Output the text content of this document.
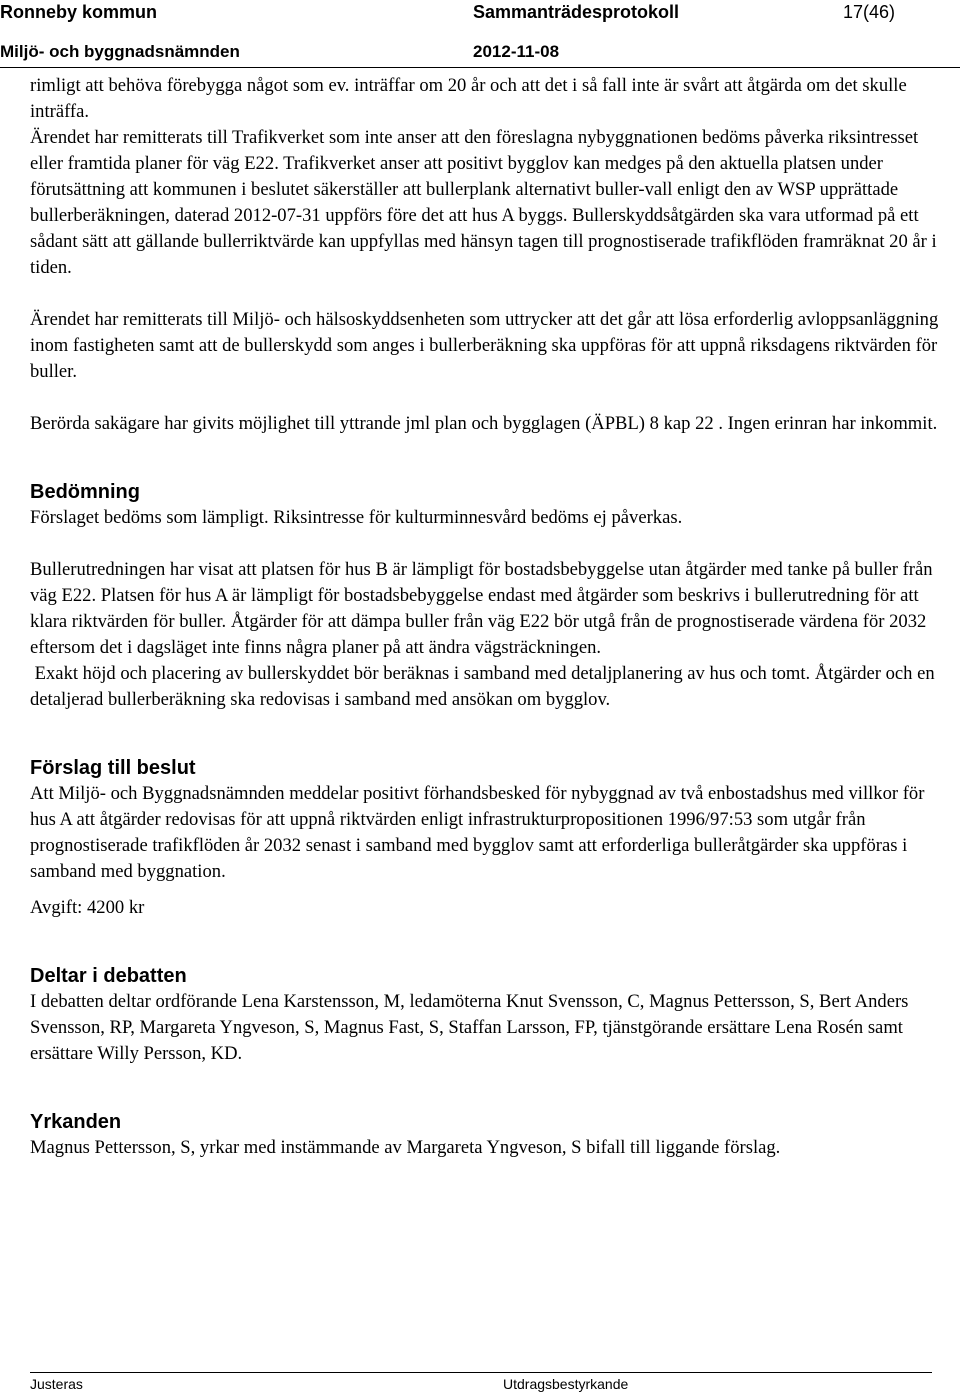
Ronneby kommun	Sammanträdesprotokoll	17(46)
Miljö- och byggnadsnämnden	2012-11-08

rimligt att behöva förebygga något som ev. inträffar om 20 år och att det i så fall inte är svårt att åtgärda om det skulle inträffa.

Ärendet har remitterats till Trafikverket som inte anser att den föreslagna nybyggnationen bedöms påverka riksintresset eller framtida planer för väg E22. Trafikverket anser att positivt bygglov kan medges på den aktuella platsen under förutsättning att kommunen i beslutet säkerställer att bullerplank alternativt buller-vall enligt den av WSP upprättade bullerberäkningen, daterad 2012-07-31 uppförs före det att hus A byggs. Bullerskyddsåtgärden ska vara utformad på ett sådant sätt att gällande bullerriktvärde kan uppfyllas med hänsyn tagen till prognostiserade trafikflöden framräknat 20 år i tiden.

Ärendet har remitterats till Miljö- och hälsoskyddsenheten som uttrycker att det går att lösa erforderlig avloppsanläggning inom fastigheten samt att de bullerskydd som anges i bullerberäkning ska uppföras för att uppnå riksdagens riktvärden för buller.

Berörda sakägare har givits möjlighet till yttrande jml plan och bygglagen (ÄPBL) 8 kap 22 . Ingen erinran har inkommit.

Bedömning

Förslaget bedöms som lämpligt. Riksintresse för kulturminnesvård bedöms ej påverkas.

Bullerutredningen har visat att platsen för hus B är lämpligt för bostadsbebyggelse utan åtgärder med tanke på buller från väg E22. Platsen för hus A är lämpligt för bostadsbebyggelse endast med åtgärder som beskrivs i bullerutredning för att klara riktvärden för buller. Åtgärder för att dämpa buller från väg E22 bör utgå från de prognostiserade värdena för 2032 eftersom det i dagsläget inte finns några planer på att ändra vägsträckningen.

Exakt höjd och placering av bullerskyddet bör beräknas i samband med detaljplanering av hus och tomt. Åtgärder och en detaljerad bullerberäkning ska redovisas i samband med ansökan om bygglov.

Förslag till beslut

Att Miljö- och Byggnadsnämnden meddelar positivt förhandsbesked för nybyggnad av två enbostadshus med villkor för hus A att åtgärder redovisas för att uppnå riktvärden enligt infrastrukturpropositionen 1996/97:53 som utgår från prognostiserade trafikflöden år 2032 senast i samband med bygglov samt att erforderliga bulleråtgärder ska uppföras i samband med byggnation.

Avgift: 4200 kr

Deltar i debatten

I debatten deltar ordförande Lena Karstensson, M, ledamöterna Knut Svensson, C, Magnus Pettersson, S, Bert Anders Svensson, RP, Margareta Yngveson, S, Magnus Fast, S, Staffan Larsson, FP, tjänstgörande ersättare Lena Rosén samt ersättare Willy Persson, KD.

Yrkanden

Magnus Pettersson, S, yrkar med instämmande av Margareta Yngveson, S bifall till liggande förslag.

Justeras	Utdragsbestyrkande
